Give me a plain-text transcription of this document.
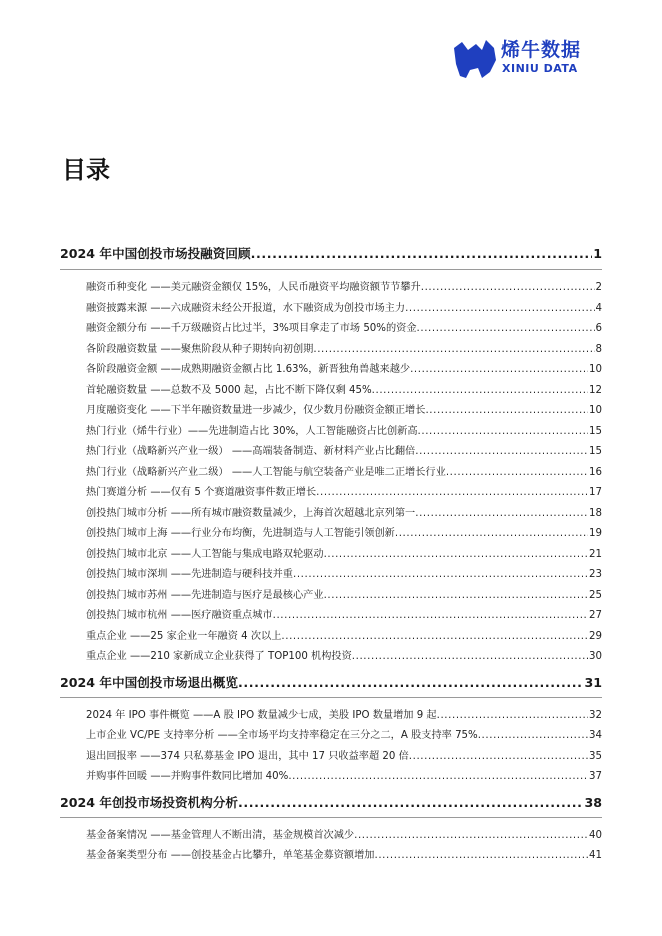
烯牛数据
XINIU DATA
目录
2024 年中国创投市场投融资回顾 .....	1
融资币种变化 ——美元融资金额仅 15%，人民币融资平均融资额节节攀升 .....	2
融资披露来源 ——六成融资未经公开报道，水下融资成为创投市场主力 .....	4
融资金额分布 ——千万级融资占比过半，3%项目拿走了市场 50%的资金 .....	6
各阶段融资数量 ——聚焦阶段从种子期转向初创期 .....	8
各阶段融资金额 ——成熟期融资金额占比 1.63%，新晋独角兽越来越少 .....	10
首轮融资数量 ——总数不及 5000 起，占比不断下降仅剩 45% .....	12
月度融资变化 ——下半年融资数量进一步减少，仅少数月份融资金额正增长 .....	10
热门行业（烯牛行业）——先进制造占比 30%，人工智能融资占比创新高 .....	15
热门行业（战略新兴产业一级） ——高端装备制造、新材料产业占比翻倍 .....	15
热门行业（战略新兴产业二级） ——人工智能与航空装备产业是唯二正增长行业 .....	16
热门赛道分析 ——仅有 5 个赛道融资事件数正增长 .....	17
创投热门城市分析 ——所有城市融资数量减少，上海首次超越北京列第一 .....	18
创投热门城市上海 ——行业分布均衡，先进制造与人工智能引领创新 .....	19
创投热门城市北京 ——人工智能与集成电路双轮驱动 .....	21
创投热门城市深圳 ——先进制造与硬科技并重 .....	23
创投热门城市苏州 ——先进制造与医疗是最核心产业 .....	25
创投热门城市杭州 ——医疗融资重点城市 .....	27
重点企业 ——25 家企业一年融资 4 次以上 .....	29
重点企业 ——210 家新成立企业获得了 TOP100 机构投资 .....	30
2024 年中国创投市场退出概览 .....	31
2024 年 IPO 事件概览 ——A 股 IPO 数量减少七成，美股 IPO 数量增加 9 起 .....	32
上市企业 VC/PE 支持率分析 ——全市场平均支持率稳定在三分之二，A 股支持率 75% .....	34
退出回报率 ——374 只私募基金 IPO 退出，其中 17 只收益率超 20 倍 .....	35
并购事件回暖 ——并购事件数同比增加 40% .....	37
2024 年创投市场投资机构分析 .....	38
基金备案情况 ——基金管理人不断出清，基金规模首次减少 .....	40
基金备案类型分布 ——创投基金占比攀升，单笔基金募资额增加 .....	41
